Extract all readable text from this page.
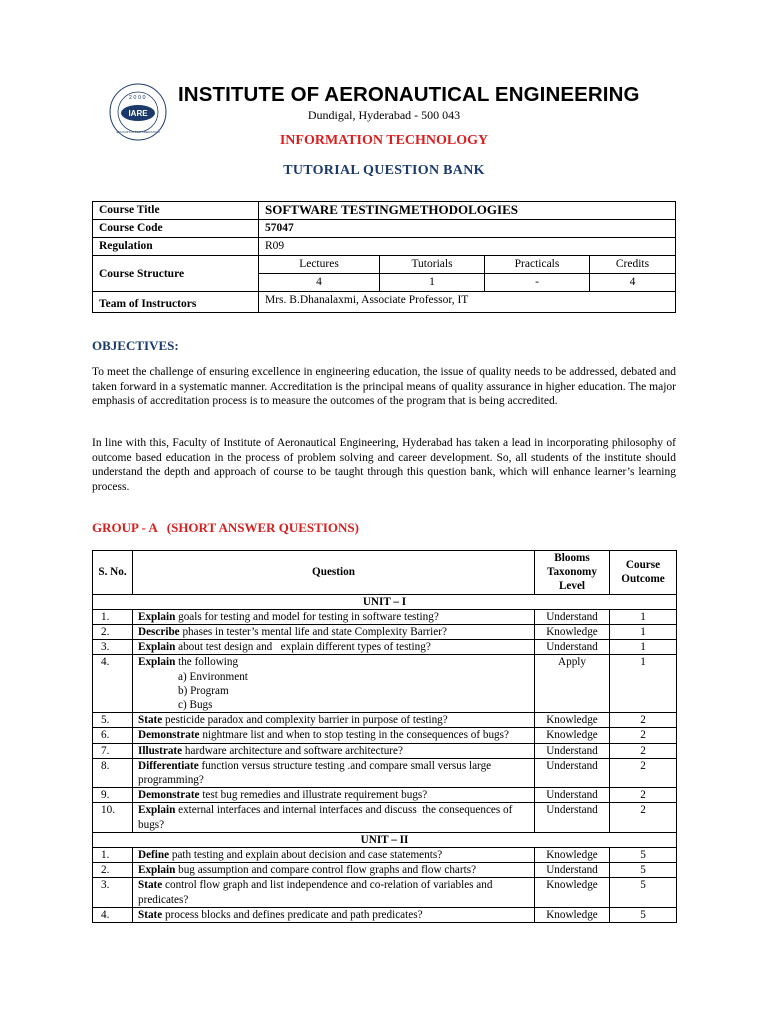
IARE
2000
EDUCATION FOR LIBERATION
INSTITUTE OF AERONAUTICAL ENGINEERING
Dundigal, Hyderabad - 500 043
INFORMATION TECHNOLOGY
TUTORIAL QUESTION BANK
Course Title	SOFTWARE TESTINGMETHODOLOGIES			
Course Code	57047			
Regulation	R09			
Course Structure	Lectures	Tutorials	Practicals	Credits
	4	1	-	4
Team of Instructors	Mrs. B.Dhanalaxmi, Associate Professor, IT			
OBJECTIVES:

To meet the challenge of ensuring excellence in engineering education, the issue of quality needs to be addressed, debated and taken forward in a systematic manner. Accreditation is the principal means of quality assurance in higher education. The major emphasis of accreditation process is to measure the outcomes of the program that is being accredited.

In line with this, Faculty of Institute of Aeronautical Engineering, Hyderabad has taken a lead in incorporating philosophy of outcome based education in the process of problem solving and career development. So, all students of the institute should understand the depth and approach of course to be taught through this question bank, which will enhance learner’s learning process.

GROUP - A   (SHORT ANSWER QUESTIONS)
S. No.	Question	Blooms Taxonomy Level	Course Outcome
UNIT – I			
1.	Explain goals for testing and model for testing in software testing?	Understand	1
2.	Describe phases in tester’s mental life and state Complexity Barrier?	Knowledge	1
3.	Explain about test design and   explain different types of testing?	Understand	1
4.	Explain the following
a) Environment
b) Program
c) Bugs	Apply	1
5.	State pesticide paradox and complexity barrier in purpose of testing?	Knowledge	2
6.	Demonstrate nightmare list and when to stop testing in the consequences of bugs?	Knowledge	2
7.	Illustrate hardware architecture and software architecture?	Understand	2
8.	Differentiate function versus structure testing .and compare small versus large programming?	Understand	2
9.	Demonstrate test bug remedies and illustrate requirement bugs?	Understand	2
10.	Explain external interfaces and internal interfaces and discuss  the consequences of bugs?	Understand	2
UNIT – II			
1.	Define path testing and explain about decision and case statements?	Knowledge	5
2.	Explain bug assumption and compare control flow graphs and flow charts?	Understand	5
3.	State control flow graph and list independence and co-relation of variables and predicates?	Knowledge	5
4.	State process blocks and defines predicate and path predicates?	Knowledge	5
